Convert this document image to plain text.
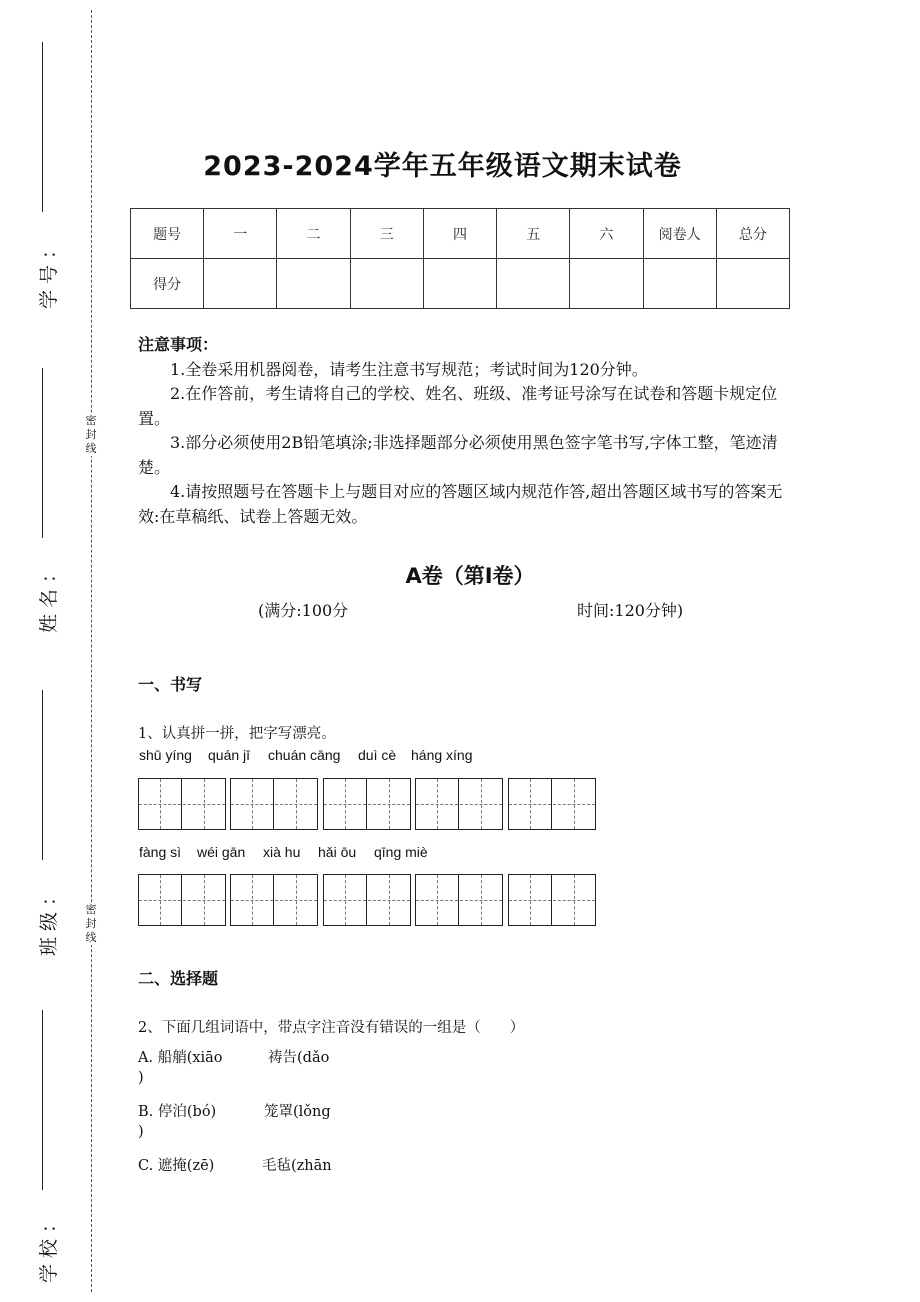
学号：
姓名：
班级：
学校：
密
封
线
密
封
线
2023-2024学年五年级语文期末试卷
题号	一	二	三	四	五	六	阅卷人	总分
得分								
注意事项：

1.全卷采用机器阅卷，请考生注意书写规范；考试时间为120分钟。

2.在作答前，考生请将自己的学校、姓名、班级、准考证号涂写在试卷和答题卡规定位置。

3.部分必须使用2B铅笔填涂;非选择题部分必须使用黑色签字笔书写,字体工整，笔迹清楚。

4.请按照题号在答题卡上与题目对应的答题区域内规范作答,超出答题区域书写的答案无效:在草稿纸、试卷上答题无效。

A卷（第Ⅰ卷）
(满分:100分	时间:120分钟)
一、书写
1、认真拼一拼，把字写漂亮。
shū yíng quán jī chuán cāng duì cè háng xíng
fàng sì wéi gān xià hu hǎi ōu qīng miè
二、选择题
2、下面几组词语中，带点字注音没有错误的一组是（　　）
A. 船艄(xiāo	祷告(dǎo
)
B. 停泊(bó)	笼罩(lǒng
)
C. 遮掩(zē)	毛毡(zhān
